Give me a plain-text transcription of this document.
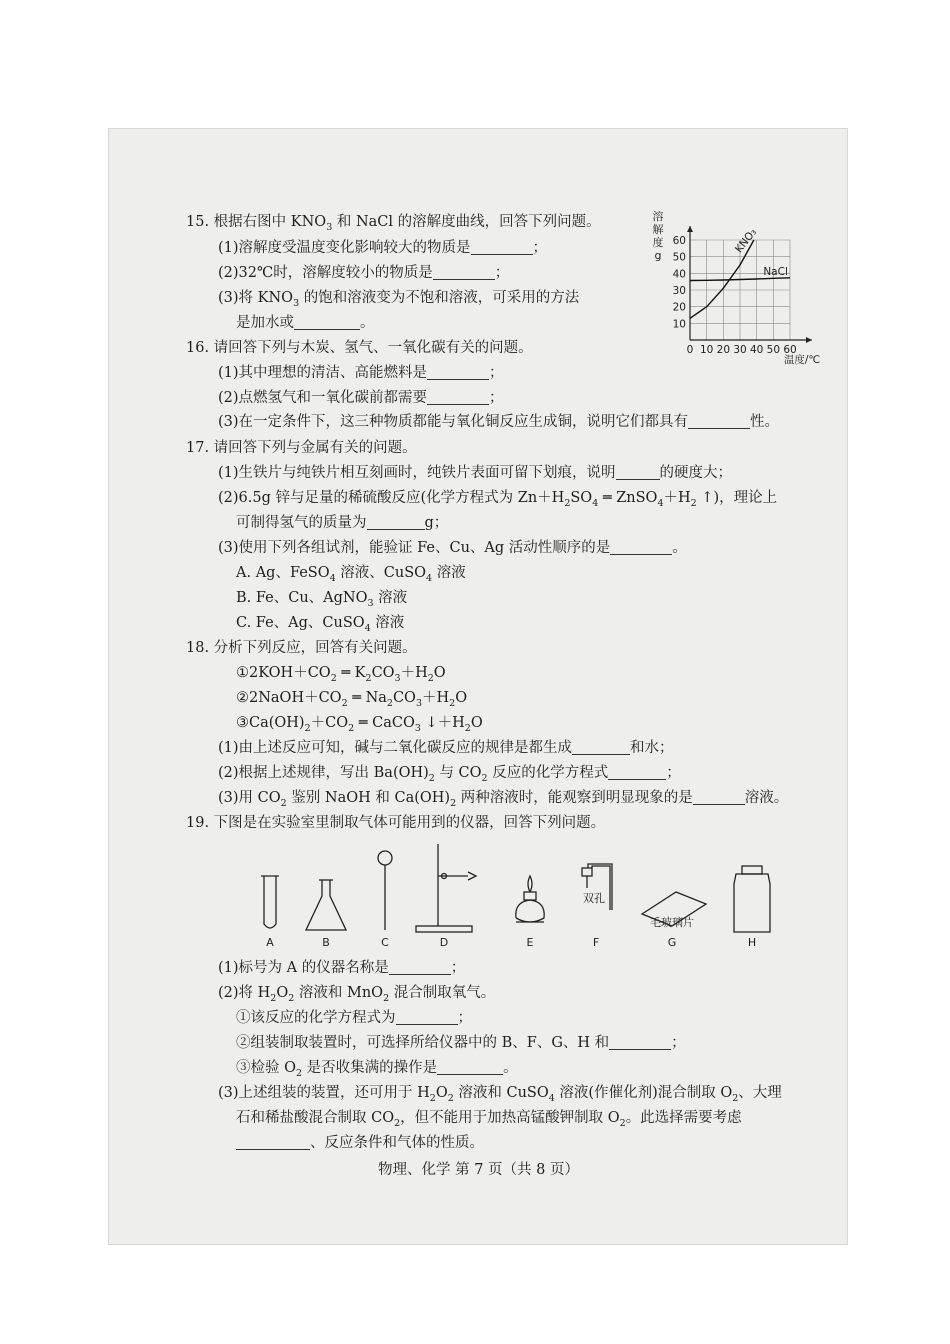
15. 根据右图中 $KNO_3$ 和 NaCl 的溶解度曲线，回答下列问题。
(1)溶解度受温度变化影响较大的物质是	；
(2)32℃时，溶解度较小的物质是	；
(3)将 $KNO_3$ 的饱和溶液变为不饱和溶液，可采用的方法
是加水或	。
溶
解
度
g
10
20
30
40
50
60
0 10 20 30 40 50 60
KNO₃
NaCl
温度/℃
16. 请回答下列与木炭、氢气、一氧化碳有关的问题。
(1)其中理想的清洁、高能燃料是	；
(2)点燃氢气和一氧化碳前都需要	；
(3)在一定条件下，这三种物质都能与氧化铜反应生成铜，说明它们都具有	性。
17. 请回答下列与金属有关的问题。
(1)生铁片与纯铁片相互刻画时，纯铁片表面可留下划痕，说明	的硬度大；
(2)6.5g 锌与足量的稀硫酸反应(化学方程式为 $Zn+H_2SO_4$ ═ $ZnSO_4+H_2$ ↑)，理论上
可制得氢气的质量为	g；
(3)使用下列各组试剂，能验证 Fe、Cu、Ag 活动性顺序的是	。
A. Ag、FeSO$_4$ 溶液、CuSO$_4$ 溶液
B. Fe、Cu、AgNO$_3$ 溶液
C. Fe、Ag、CuSO$_4$ 溶液
18. 分析下列反应，回答有关问题。
$①2KOH+CO_2$ ═ $K_2CO_3+H_2O$
$②2NaOH+CO_2$ ═ $Na_2CO_3+H_2O$
$③Ca(OH)_2+CO_2$ ═ CaCO$_3$ $↓+H_2O$
(1)由上述反应可知，碱与二氧化碳反应的规律是都生成	和水；
(2)根据上述规律，写出 $Ba(OH)_2$ 与 $CO_2$ 反应的化学方程式	；
(3)用 $CO_2$ 鉴别 NaOH 和 $Ca(OH)_2$ 两种溶液时，能观察到明显现象的是	溶液。
19. 下图是在实验室里制取气体可能用到的仪器，回答下列问题。
A	B	C	D	E	F	G	H
双孔
毛玻璃片
(1)标号为 A 的仪器名称是	；
(2)将 $H_2O_2$ 溶液和 MnO$_2$ 混合制取氧气。
①该反应的化学方程式为	；
②组装制取装置时，可选择所给仪器中的 B、F、G、H 和	；
③检验 $O_2$ 是否收集满的操作是	。
(3)上述组装的装置，还可用于 $H_2O_2$ 溶液和 CuSO$_4$ 溶液(作催化剂)混合制取 $O_2$、大理
石和稀盐酸混合制取 $CO_2$，但不能用于加热高锰酸钾制取 $O_2$。此选择需要考虑
、反应条件和气体的性质。
物理、化学 第 7 页（共 8 页）
